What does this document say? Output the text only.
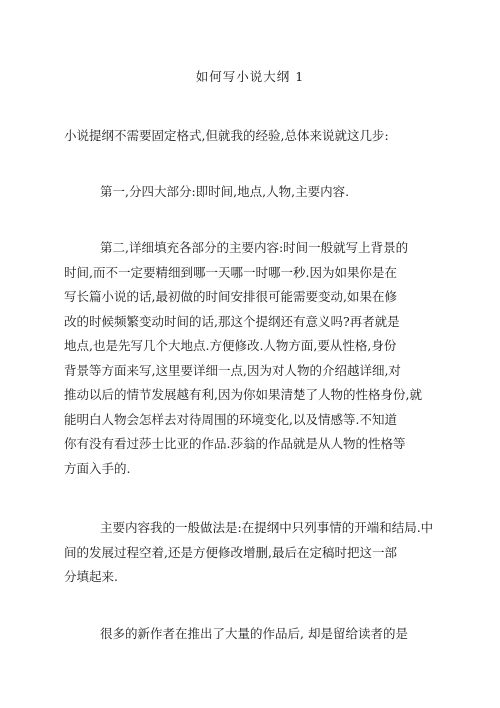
如何写小说大纲 1
小说提纲不需要固定格式,但就我的经验,总体来说就这几步:
第一,分四大部分:即时间,地点,人物,主要内容.
第二,详细填充各部分的主要内容:时间一般就写上背景的
时间,而不一定要精细到哪一天哪一时哪一秒.因为如果你是在
写长篇小说的话,最初做的时间安排很可能需要变动,如果在修
改的时候频繁变动时间的话,那这个提纲还有意义吗?再者就是
地点,也是先写几个大地点.方便修改.人物方面,要从性格,身份
背景等方面来写,这里要详细一点,因为对人物的介绍越详细,对
推动以后的情节发展越有利,因为你如果清楚了人物的性格身份,就
能明白人物会怎样去对待周围的环境变化,以及情感等.不知道
你有没有看过莎士比亚的作品.莎翁的作品就是从人物的性格等
方面入手的.
主要内容我的一般做法是:在提纲中只列事情的开端和结局.中
间的发展过程空着,还是方便修改增删,最后在定稿时把这一部
分填起来.
很多的新作者在推出了大量的作品后, 却是留给读者的是
